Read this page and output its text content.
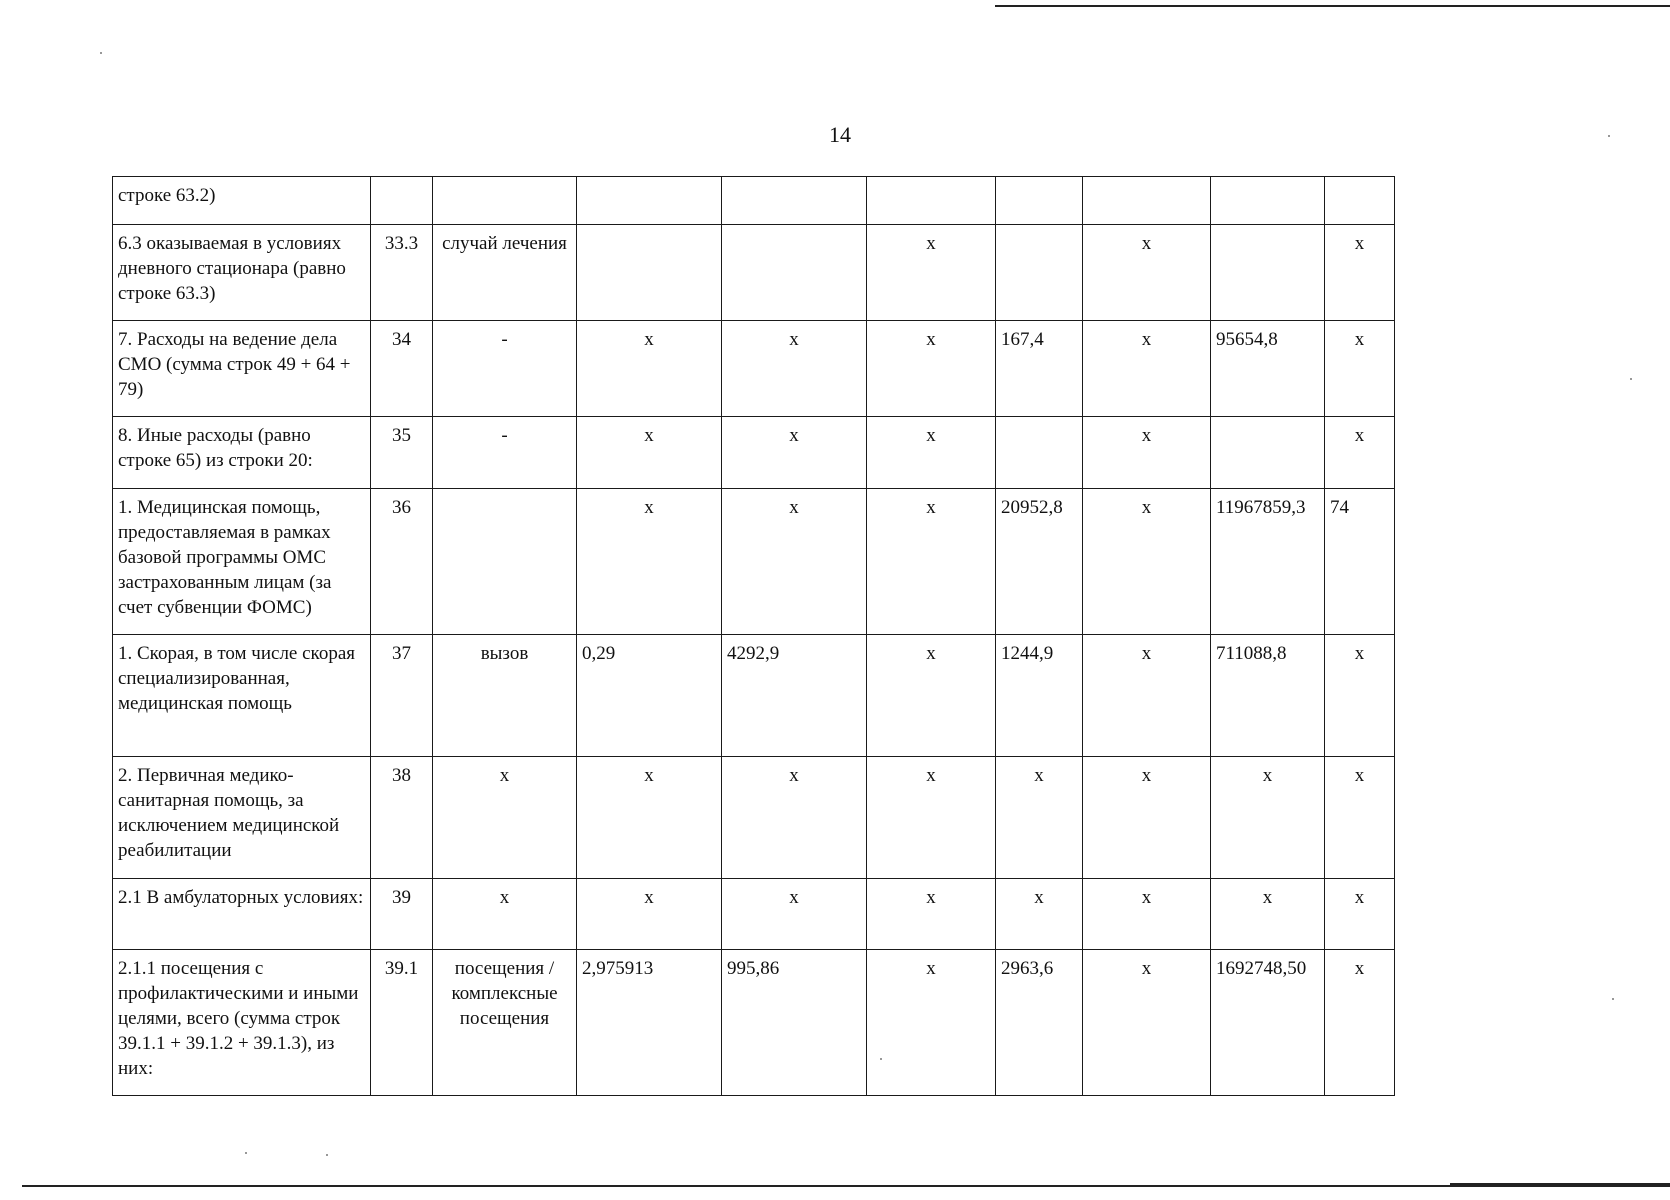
14
строке 63.2)									
6.3 оказываемая в условиях дневного стационара (равно строке 63.3)	33.3	случай лечения			х		х		х
7. Расходы на ведение дела СМО (сумма строк 49 + 64 + 79)	34	-	х	х	х	167,4	х	95654,8	х
8. Иные расходы (равно строке 65) из строки 20:	35	-	х	х	х		х		х
1. Медицинская помощь, предоставляемая в рамках базовой программы ОМС застрахованным лицам (за счет субвенции ФОМС)	36		х	х	х	20952,8	х	11967859,3	74
1. Скорая, в том числе скорая специализированная, медицинская помощь	37	вызов	0,29	4292,9	х	1244,9	х	711088,8	х
2. Первичная медико-санитарная помощь, за исключением медицинской реабилитации	38	х	х	х	х	х	х	х	х
2.1 В амбулаторных условиях:	39	х	х	х	х	х	х	х	х
2.1.1 посещения с профилактическими и иными целями, всего (сумма строк 39.1.1 + 39.1.2 + 39.1.3), из них:	39.1	посещения / комплексные посещения	2,975913	995,86	х	2963,6	х	1692748,50	х
